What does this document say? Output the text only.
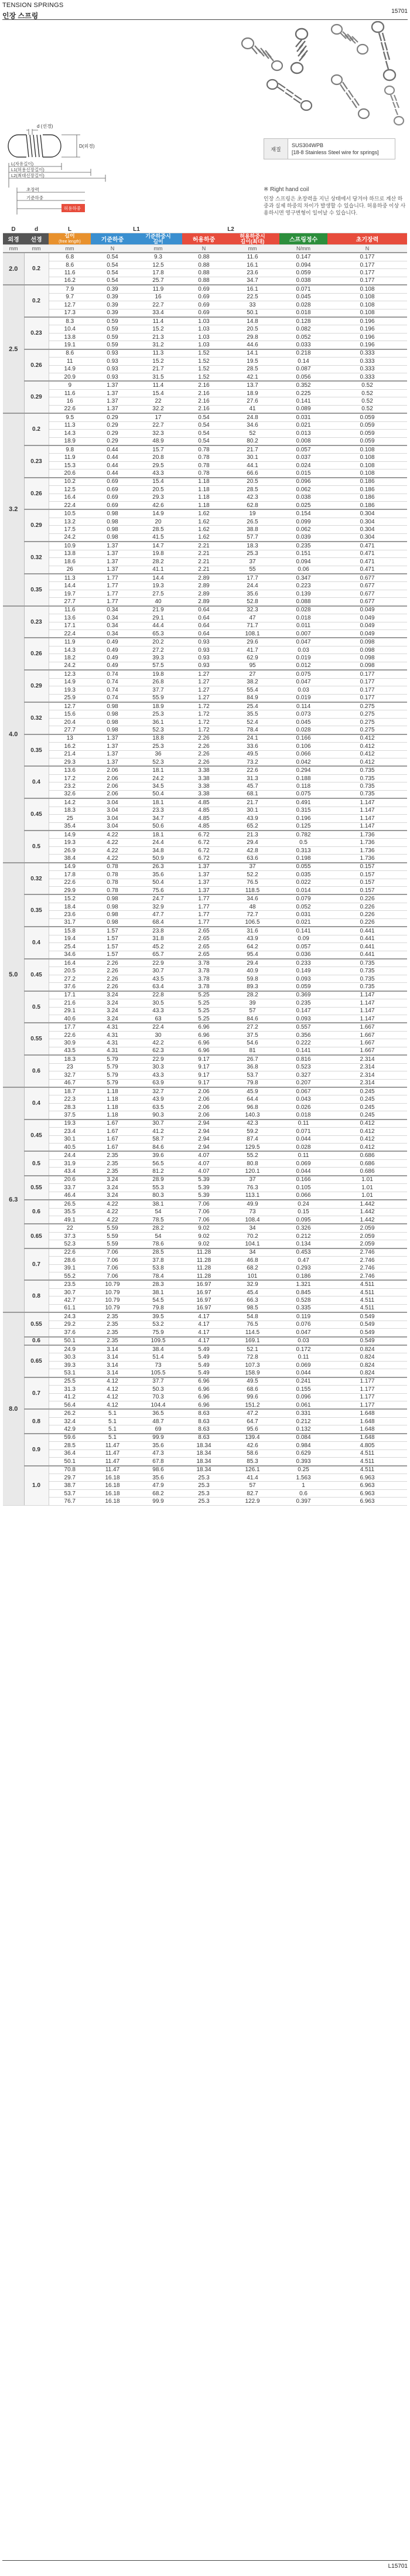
TENSION SPRINGS
인장 스프링
15701
d (선경)
D(외경)
L(자유길이)
L1(허용신장길이)
L2(최대신장길이)
초장력
기준하중
허용하중
재질	
SUS304WPB
[18-8 Stainless Steel wire for springs]
※ Right hand coil
인장 스프링은 초장력을 지닌 상태에서 당겨야 하므로 계산 하중과 실제 하중의 차이가 발생할 수 있습니다. 허용하중 이상 사용하시면 영구변형이 일어날 수 있습니다.
D	d	L	L1		L2			
외경	선경	길이
(free length)	기준하중	기준하중시
길이	허용하중	허용하중시
길이(최대)	스프링정수	초기장력
mm	mm	mm	N	mm	N	mm	N/mm	N
2.0	0.2	6.8	0.54	9.3	0.88	11.6	0.147	0.177
		8.6	0.54	12.5	0.88	16.1	0.094	0.177
		11.6	0.54	17.8	0.88	23.6	0.059	0.177
		16.2	0.54	25.7	0.88	34.7	0.038	0.177
2.5	0.2	7.9	0.39	11.9	0.69	16.1	0.071	0.108
		9.7	0.39	16	0.69	22.5	0.045	0.108
		12.7	0.39	22.7	0.69	33	0.028	0.108
		17.3	0.39	33.4	0.69	50.1	0.018	0.108
	0.23	8.3	0.59	11.4	1.03	14.8	0.128	0.196
		10.4	0.59	15.2	1.03	20.5	0.082	0.196
		13.8	0.59	21.3	1.03	29.8	0.052	0.196
		19.1	0.59	31.2	1.03	44.6	0.033	0.196
	0.26	8.6	0.93	11.3	1.52	14.1	0.218	0.333
		11	0.93	15.2	1.52	19.5	0.14	0.333
		14.9	0.93	21.7	1.52	28.5	0.087	0.333
		20.9	0.93	31.5	1.52	42.1	0.056	0.333
	0.29	9	1.37	11.4	2.16	13.7	0.352	0.52
		11.6	1.37	15.4	2.16	18.9	0.225	0.52
		16	1.37	22	2.16	27.6	0.141	0.52
		22.6	1.37	32.2	2.16	41	0.089	0.52
3.2	0.2	9.5	0.29	17	0.54	24.8	0.031	0.059
		11.3	0.29	22.7	0.54	34.6	0.021	0.059
		14.3	0.29	32.3	0.54	52	0.013	0.059
		18.9	0.29	48.9	0.54	80.2	0.008	0.059
	0.23	9.8	0.44	15.7	0.78	21.7	0.057	0.108
		11.9	0.44	20.8	0.78	30.1	0.037	0.108
		15.3	0.44	29.5	0.78	44.1	0.024	0.108
		20.6	0.44	43.3	0.78	66.6	0.015	0.108
	0.26	10.2	0.69	15.4	1.18	20.5	0.096	0.186
		12.5	0.69	20.5	1.18	28.5	0.062	0.186
		16.4	0.69	29.3	1.18	42.3	0.038	0.186
		22.4	0.69	42.6	1.18	62.8	0.025	0.186
	0.29	10.5	0.98	14.9	1.62	19	0.154	0.304
		13.2	0.98	20	1.62	26.5	0.099	0.304
		17.5	0.98	28.5	1.62	38.8	0.062	0.304
		24.2	0.98	41.5	1.62	57.7	0.039	0.304
	0.32	10.9	1.37	14.7	2.21	18.3	0.235	0.471
		13.8	1.37	19.8	2.21	25.3	0.151	0.471
		18.6	1.37	28.2	2.21	37	0.094	0.471
		26	1.37	41.1	2.21	55	0.06	0.471
	0.35	11.3	1.77	14.4	2.89	17.7	0.347	0.677
		14.4	1.77	19.3	2.89	24.4	0.223	0.677
		19.7	1.77	27.5	2.89	35.6	0.139	0.677
		27.7	1.77	40	2.89	52.8	0.088	0.677
4.0	0.23	11.6	0.34	21.9	0.64	32.3	0.028	0.049
		13.6	0.34	29.1	0.64	47	0.018	0.049
		17.1	0.34	44.4	0.64	71.7	0.011	0.049
		22.4	0.34	65.3	0.64	108.1	0.007	0.049
	0.26	11.9	0.49	20.2	0.93	29.6	0.047	0.098
		14.3	0.49	27.2	0.93	41.7	0.03	0.098
		18.2	0.49	39.3	0.93	62.9	0.019	0.098
		24.2	0.49	57.5	0.93	95	0.012	0.098
	0.29	12.3	0.74	19.8	1.27	27	0.075	0.177
		14.9	0.74	26.8	1.27	38.2	0.047	0.177
		19.3	0.74	37.7	1.27	55.4	0.03	0.177
		25.9	0.74	55.9	1.27	84.9	0.019	0.177
	0.32	12.7	0.98	18.9	1.72	25.4	0.114	0.275
		15.6	0.98	25.3	1.72	35.5	0.073	0.275
		20.4	0.98	36.1	1.72	52.4	0.045	0.275
		27.7	0.98	52.3	1.72	78.4	0.028	0.275
	0.35	13	1.37	18.8	2.26	24.1	0.166	0.412
		16.2	1.37	25.3	2.26	33.6	0.106	0.412
		21.4	1.37	36	2.26	49.5	0.066	0.412
		29.3	1.37	52.3	2.26	73.2	0.042	0.412
	0.4	13.6	2.06	18.1	3.38	22.6	0.294	0.735
		17.2	2.06	24.2	3.38	31.3	0.188	0.735
		23.2	2.06	34.5	3.38	45.7	0.118	0.735
		32.6	2.06	50.4	3.38	68.1	0.075	0.735
	0.45	14.2	3.04	18.1	4.85	21.7	0.491	1.147
		18.3	3.04	23.3	4.85	30.1	0.315	1.147
		25	3.04	34.7	4.85	43.9	0.196	1.147
		35.4	3.04	50.6	4.85	65.2	0.125	1.147
	0.5	14.9	4.22	18.1	6.72	21.3	0.782	1.736
		19.3	4.22	24.4	6.72	29.4	0.5	1.736
		26.9	4.22	34.8	6.72	42.8	0.313	1.736
		38.4	4.22	50.9	6.72	63.6	0.198	1.736
5.0	0.32	14.9	0.78	26.3	1.37	37	0.055	0.157
		17.8	0.78	35.6	1.37	52.2	0.035	0.157
		22.6	0.78	50.4	1.37	76.5	0.022	0.157
		29.9	0.78	75.6	1.37	118.5	0.014	0.157
	0.35	15.2	0.98	24.7	1.77	34.6	0.079	0.226
		18.4	0.98	32.9	1.77	48	0.052	0.226
		23.6	0.98	47.7	1.77	72.7	0.031	0.226
		31.7	0.98	68.4	1.77	106.5	0.021	0.226
	0.4	15.8	1.57	23.8	2.65	31.6	0.141	0.441
		19.4	1.57	31.8	2.65	43.9	0.09	0.441
		25.4	1.57	45.2	2.65	64.2	0.057	0.441
		34.6	1.57	65.7	2.65	95.4	0.036	0.441
	0.45	16.4	2.26	22.9	3.78	29.4	0.233	0.735
		20.5	2.26	30.7	3.78	40.9	0.149	0.735
		27.2	2.26	43.5	3.78	59.8	0.093	0.735
		37.6	2.26	63.4	3.78	89.3	0.059	0.735
	0.5	17.1	3.24	22.8	5.25	28.2	0.369	1.147
		21.6	3.24	30.5	5.25	39	0.235	1.147
		29.1	3.24	43.3	5.25	57	0.147	1.147
		40.6	3.24	63	5.25	84.6	0.093	1.147
	0.55	17.7	4.31	22.4	6.96	27.2	0.557	1.667
		22.6	4.31	30	6.96	37.5	0.356	1.667
		30.9	4.31	42.2	6.96	54.6	0.222	1.667
		43.5	4.31	62.3	6.96	81	0.141	1.667
	0.6	18.3	5.79	22.9	9.17	26.7	0.816	2.314
		23	5.79	30.3	9.17	36.8	0.523	2.314
		32.7	5.79	43.3	9.17	53.7	0.327	2.314
		46.7	5.79	63.9	9.17	79.8	0.207	2.314
6.3	0.4	18.7	1.18	32.7	2.06	45.9	0.067	0.245
		22.3	1.18	43.9	2.06	64.4	0.043	0.245
		28.3	1.18	63.5	2.06	96.8	0.026	0.245
		37.5	1.18	90.3	2.06	140.3	0.018	0.245
	0.45	19.3	1.67	30.7	2.94	42.3	0.11	0.412
		23.4	1.67	41.2	2.94	59.2	0.071	0.412
		30.1	1.67	58.7	2.94	87.4	0.044	0.412
		40.5	1.67	84.6	2.94	129.5	0.028	0.412
	0.5	24.4	2.35	39.6	4.07	55.2	0.11	0.686
		31.9	2.35	56.5	4.07	80.8	0.069	0.686
		43.4	2.35	81.2	4.07	120.1	0.044	0.686
	0.55	20.6	3.24	28.9	5.39	37	0.166	1.01
		33.7	3.24	55.3	5.39	76.3	0.105	1.01
		46.4	3.24	80.3	5.39	113.1	0.066	1.01
	0.6	26.5	4.22	38.1	7.06	49.9	0.24	1.442
		35.5	4.22	54	7.06	73	0.15	1.442
		49.1	4.22	78.5	7.06	108.4	0.095	1.442
	0.65	22	5.59	28.2	9.02	34	0.326	2.059
		37.3	5.59	54	9.02	70.2	0.212	2.059
		52.3	5.59	78.6	9.02	104.1	0.134	2.059
	0.7	22.6	7.06	28.5	11.28	34	0.453	2.746
		28.6	7.06	37.8	11.28	46.8	0.47	2.746
		39.1	7.06	53.8	11.28	68.2	0.293	2.746
		55.2	7.06	78.4	11.28	101	0.186	2.746
	0.8	23.5	10.79	28.3	16.97	32.9	1.321	4.511
		30.7	10.79	38.1	16.97	45.4	0.845	4.511
		42.7	10.79	54.5	16.97	66.3	0.528	4.511
		61.1	10.79	79.8	16.97	98.5	0.335	4.511
8.0	0.55	24.3	2.35	39.5	4.17	54.8	0.119	0.549
		29.2	2.35	53.2	4.17	76.5	0.076	0.549
		37.6	2.35	75.9	4.17	114.5	0.047	0.549
	0.6	50.1	2.35	109.5	4.17	169.1	0.03	0.549
	0.65	24.9	3.14	38.4	5.49	52.1	0.172	0.824
		30.3	3.14	51.4	5.49	72.8	0.11	0.824
		39.3	3.14	73	5.49	107.3	0.069	0.824
		53.1	3.14	105.5	5.49	158.9	0.044	0.824
	0.7	25.5	4.12	37.7	6.96	49.5	0.241	1.177
		31.3	4.12	50.3	6.96	68.6	0.155	1.177
		41.2	4.12	70.3	6.96	99.6	0.096	1.177
		56.4	4.12	104.4	6.96	151.2	0.061	1.177
	0.8	26.2	5.1	36.5	8.63	47.2	0.331	1.648
		32.4	5.1	48.7	8.63	64.7	0.212	1.648
		42.9	5.1	69	8.63	95.6	0.132	1.648
	0.9	59.6	5.1	99.9	8.63	139.4	0.084	1.648
		28.5	11.47	35.6	18.34	42.6	0.984	4.805
		36.4	11.47	47.3	18.34	58.6	0.629	4.511
		50.1	11.47	67.8	18.34	85.3	0.393	4.511
	1.0	70.8	11.47	98.6	18.34	126.1	0.25	4.511
		29.7	16.18	35.6	25.3	41.4	1.563	6.963
		38.7	16.18	47.9	25.3	57	1	6.963
		53.7	16.18	68.2	25.3	82.7	0.6	6.963
		76.7	16.18	99.9	25.3	122.9	0.397	6.963
L15701
